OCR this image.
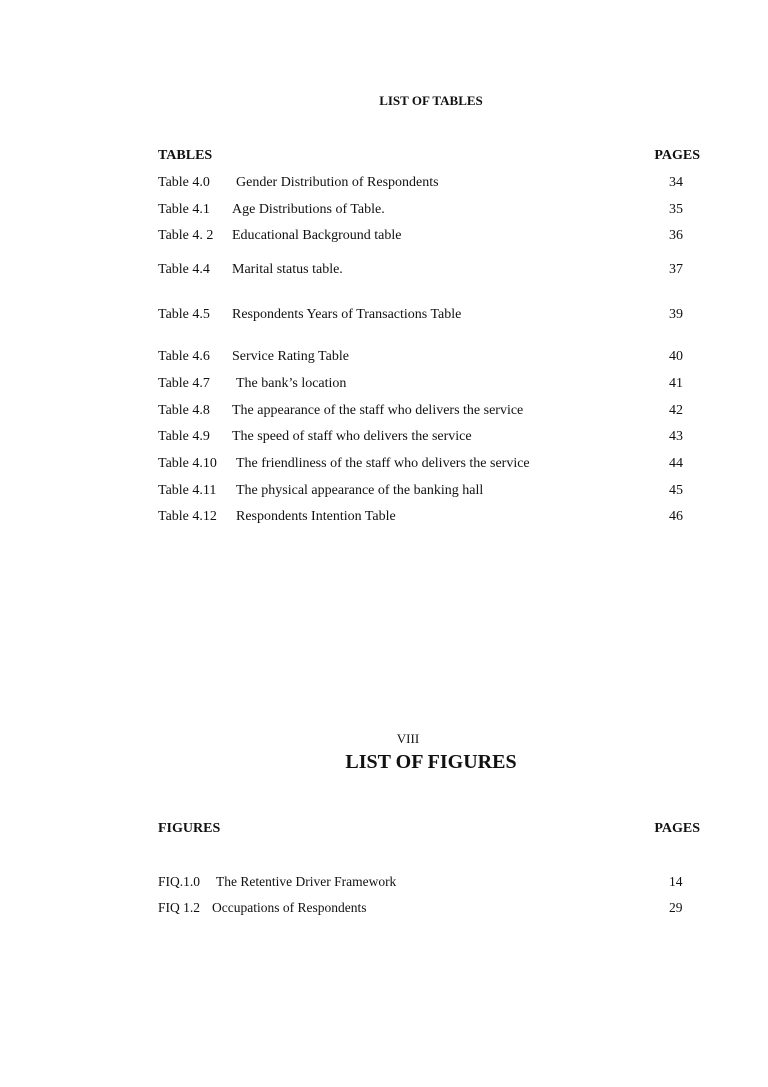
LIST OF TABLES
TABLES	PAGES
Table 4.0 Gender Distribution of Respondents	34
Table 4.1 Age Distributions of Table.	35
Table 4. 2 Educational Background table	36
Table 4.4 Marital status table.	37
Table 4.5 Respondents Years of Transactions Table	39
Table 4.6 Service Rating Table	40
Table 4.7 The bank’s location	41
Table 4.8 The appearance of the staff who delivers the service	42
Table 4.9 The speed of staff who delivers the service	43
Table 4.10 The friendliness of the staff who delivers the service	44
Table 4.11 The physical appearance of the banking hall	45
Table 4.12 Respondents Intention Table	46
VIII
LIST OF FIGURES
FIGURES	PAGES
FIQ.1.0 The Retentive Driver Framework	14
FIQ 1.2 Occupations of Respondents	29
